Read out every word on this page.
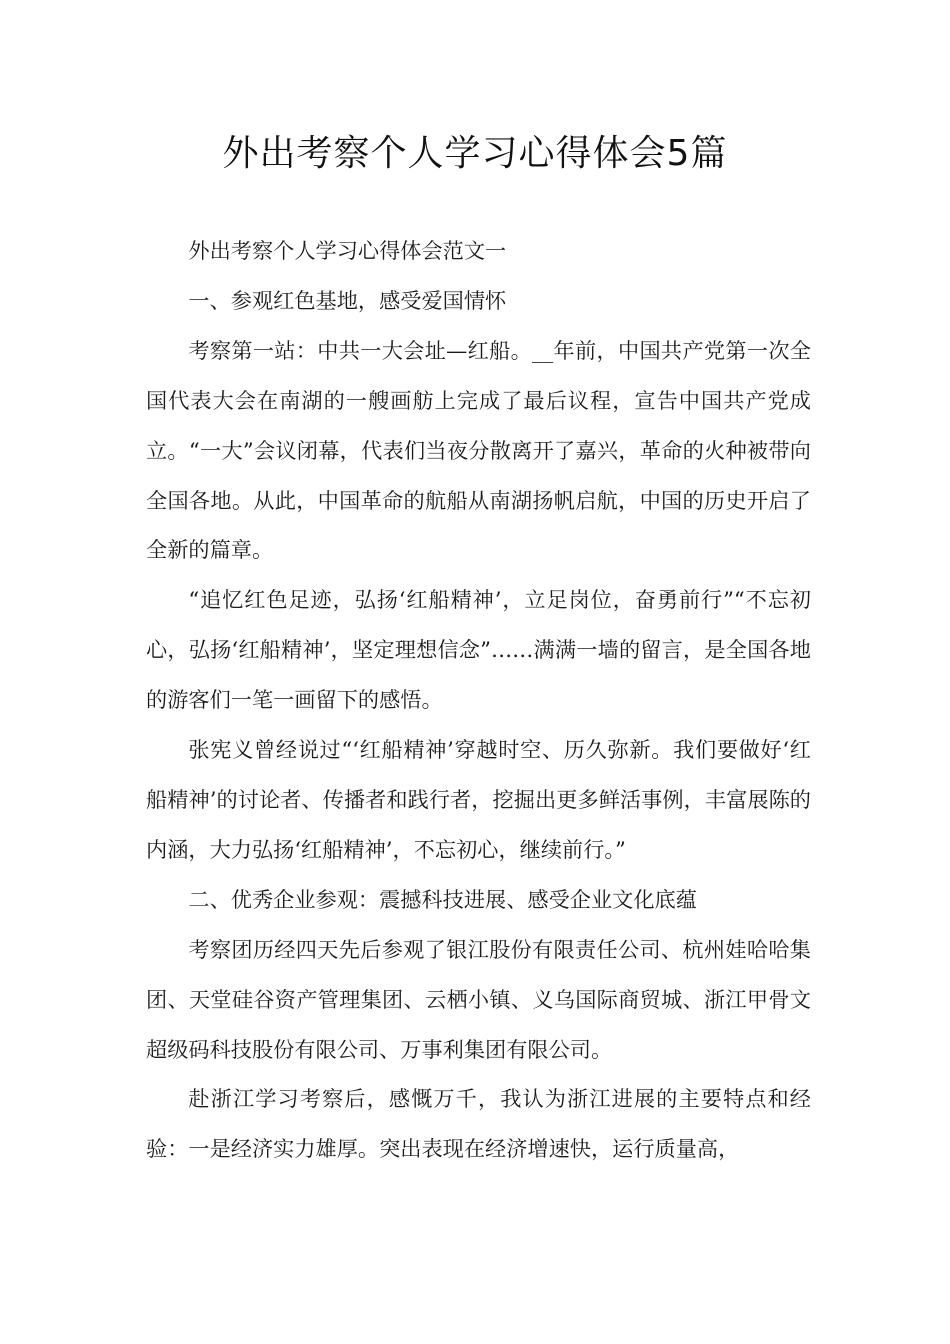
外出考察个人学习心得体会5篇

外出考察个人学习心得体会范文一

一、参观红色基地，感受爱国情怀

考察第一站：中共一大会址—红船。__年前，中国共产党第一次全国代表大会在南湖的一艘画舫上完成了最后议程，宣告中国共产党成立。“一大”会议闭幕，代表们当夜分散离开了嘉兴，革命的火种被带向全国各地。从此，中国革命的航船从南湖扬帆启航，中国的历史开启了全新的篇章。

“追忆红色足迹，弘扬‘红船精神’，立足岗位，奋勇前行”“不忘初心，弘扬‘红船精神’，坚定理想信念”……满满一墙的留言，是全国各地的游客们一笔一画留下的感悟。

张宪义曾经说过“‘红船精神’穿越时空、历久弥新。我们要做好‘红船精神’的讨论者、传播者和践行者，挖掘出更多鲜活事例，丰富展陈的内涵，大力弘扬‘红船精神’，不忘初心，继续前行。”

二、优秀企业参观：震撼科技进展、感受企业文化底蕴

考察团历经四天先后参观了银江股份有限责任公司、杭州娃哈哈集团、天堂硅谷资产管理集团、云栖小镇、义乌国际商贸城、浙江甲骨文超级码科技股份有限公司、万事利集团有限公司。

赴浙江学习考察后，感慨万千，我认为浙江进展的主要特点和经验：一是经济实力雄厚。突出表现在经济增速快，运行质量高，
